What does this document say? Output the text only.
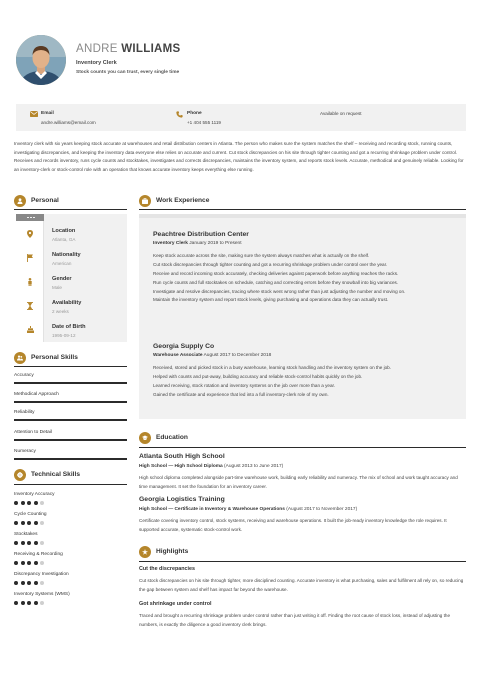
ANDRE WILLIAMS
Inventory Clerk
Stock counts you can trust, every single time
Email
andre.williams@email.com
Phone
+1 404 555 1119
Available on request
Inventory clerk with six years keeping stock accurate at warehouses and retail distribution centers in Atlanta. The person who makes sure the system matches the shelf – receiving and recording stock, running counts, investigating discrepancies, and keeping the inventory data everyone else relies on accurate and current. Cut stock discrepancies on his site through tighter counting and got a recurring shrinkage problem under control. Receives and records inventory, runs cycle counts and stocktakes, investigates and corrects discrepancies, maintains the inventory system, and reports stock levels. Accurate, methodical and genuinely reliable. Looking for an inventory-clerk or stock-control role with an operation that knows accurate inventory keeps everything else running.
Personal
Location
Atlanta, GA
Nationality
American
Gender
Male
Availability
2 weeks
Date of Birth
1995-09-12
Personal Skills
Accuracy
Methodical Approach
Reliability
Attention to Detail
Numeracy
Technical Skills
Inventory Accuracy
Cycle Counting
Stocktakes
Receiving & Recording
Discrepancy Investigation
Inventory Systems (WMS)
Work Experience
Peachtree Distribution Center
Inventory Clerk January 2019 to Present
Keep stock accurate across the site, making sure the system always matches what is actually on the shelf.
Cut stock discrepancies through tighter counting and got a recurring shrinkage problem under control over the year.
Receive and record incoming stock accurately, checking deliveries against paperwork before anything reaches the racks.
Run cycle counts and full stocktakes on schedule, catching and correcting errors before they snowball into big variances.
Investigate and resolve discrepancies, tracing where stock went wrong rather than just adjusting the number and moving on.
Maintain the inventory system and report stock levels, giving purchasing and operations data they can actually trust.
Georgia Supply Co
Warehouse Associate August 2017 to December 2018
Received, stored and picked stock in a busy warehouse, learning stock handling and the inventory system on the job.
Helped with counts and put-away, building accuracy and reliable stock-control habits quickly on the job.
Learned receiving, stock rotation and inventory systems on the job over more than a year.
Gained the certificate and experience that led into a full inventory-clerk role of my own.
Education
Atlanta South High School
High School — High School Diploma (August 2013 to June 2017)
High school diploma completed alongside part-time warehouse work, building early reliability and numeracy. The mix of school and work taught accuracy and time management. It set the foundation for an inventory career.
Georgia Logistics Training
High School — Certificate in Inventory & Warehouse Operations (August 2017 to November 2017)
Certificate covering inventory control, stock systems, receiving and warehouse operations. It built the job-ready inventory knowledge the role requires. It supported accurate, systematic stock-control work.
Highlights
Cut the discrepancies
Cut stock discrepancies on his site through tighter, more disciplined counting. Accurate inventory is what purchasing, sales and fulfilment all rely on, so reducing the gap between system and shelf has impact far beyond the warehouse.
Got shrinkage under control
Traced and brought a recurring shrinkage problem under control rather than just writing it off. Finding the root cause of stock loss, instead of adjusting the numbers, is exactly the diligence a good inventory clerk brings.
